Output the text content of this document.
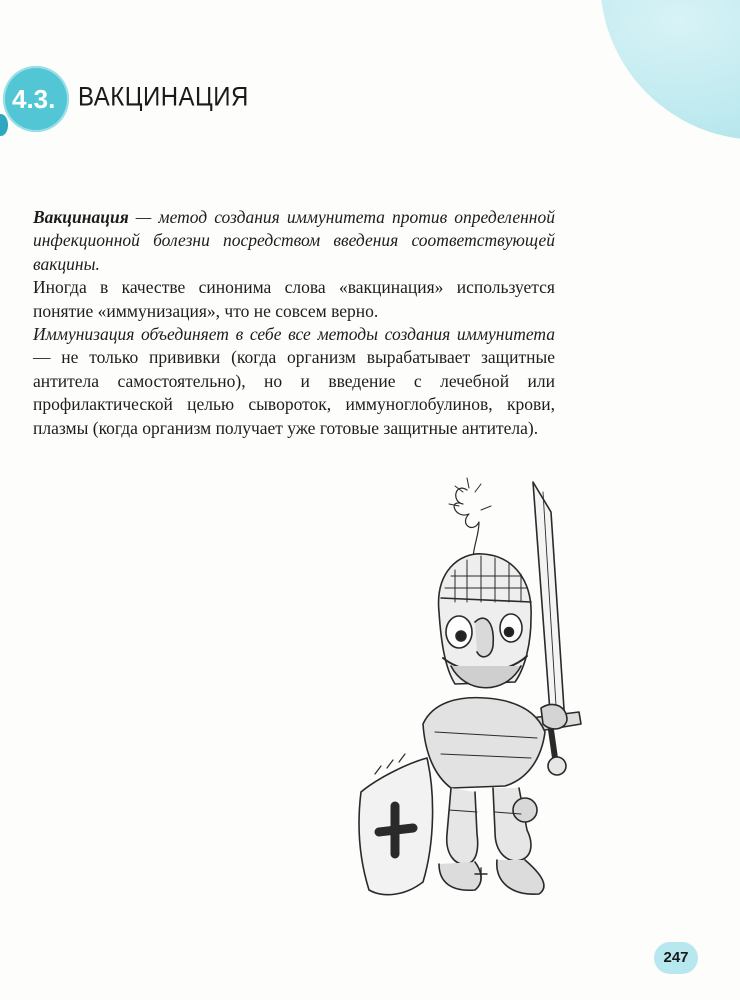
4.3. ВАКЦИНАЦИЯ

Вакцинация — метод создания иммунитета против определенной инфекционной болезни посредством введения соответствующей вакцины.

Иногда в качестве синонима слова «вакцинация» используется понятие «иммунизация», что не совсем верно.

Иммунизация объединяет в себе все методы создания иммунитета — не только прививки (когда организм вырабатывает защитные антитела самостоятельно), но и введение с лечебной или профилактической целью сывороток, иммуноглобулинов, крови, плазмы (когда организм получает уже готовые защитные антитела).

247
